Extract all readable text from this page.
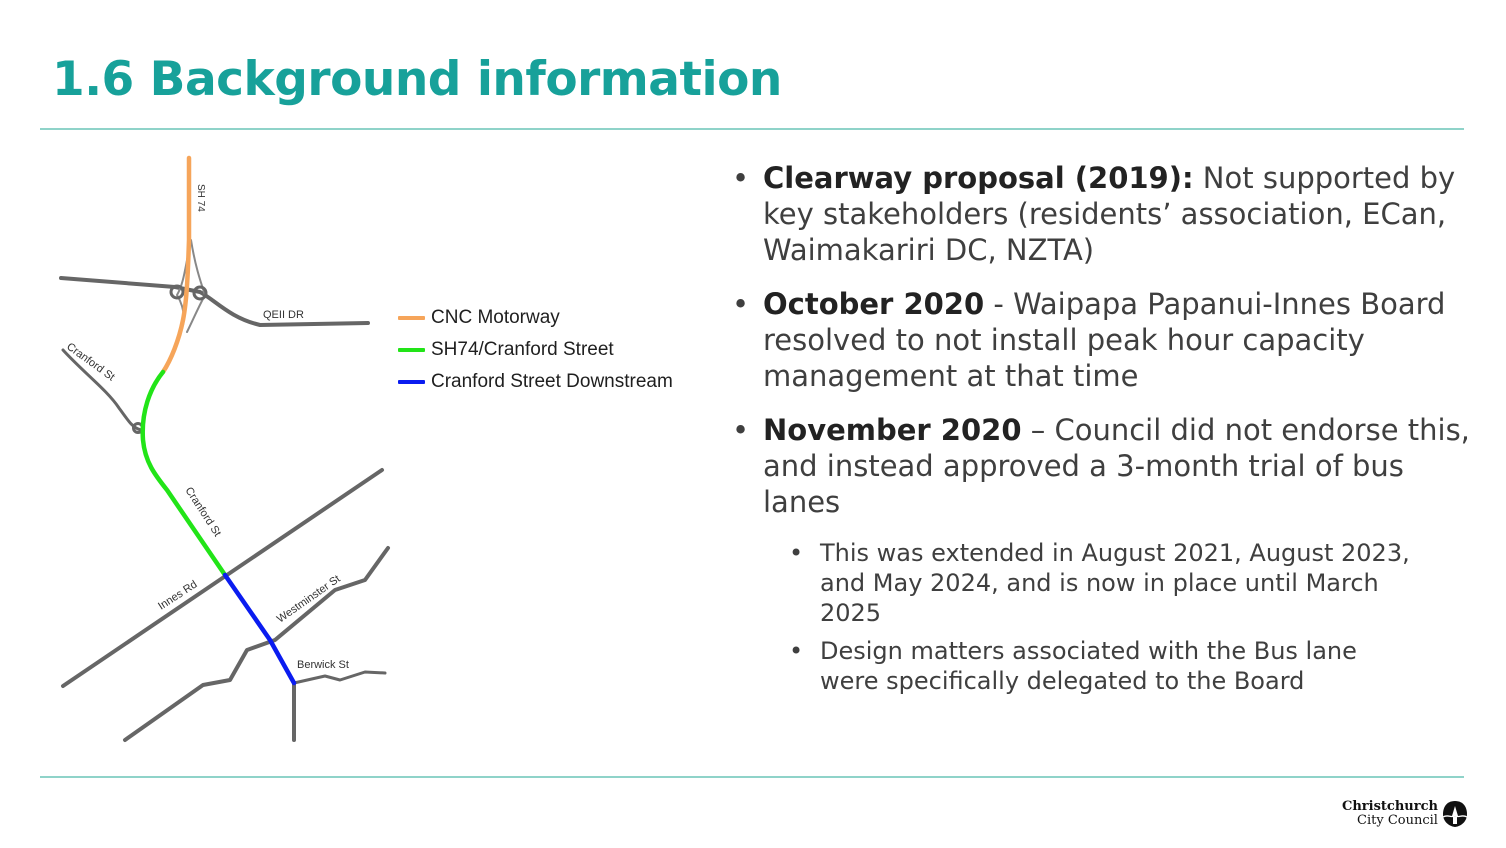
1.6 Background information
SH 74
QEII DR
Cranford St
Cranford St
Innes Rd	Westminster St
Berwick St
CNC Motorway
SH74/Cranford Street
Cranford Street Downstream
• Clearway proposal (2019): Not supported by key stakeholders (residents’ association, ECan, Waimakariri DC, NZTA)
• October 2020 - Waipapa Papanui-Innes Board resolved to not install peak hour capacity management at that time
• November 2020 – Council did not endorse this, and instead approved a 3-month trial of bus lanes
• This was extended in August 2021, August 2023, and May 2024, and is now in place until March 2025
• Design matters associated with the Bus lane were specifically delegated to the Board
Christchurch
City Council
